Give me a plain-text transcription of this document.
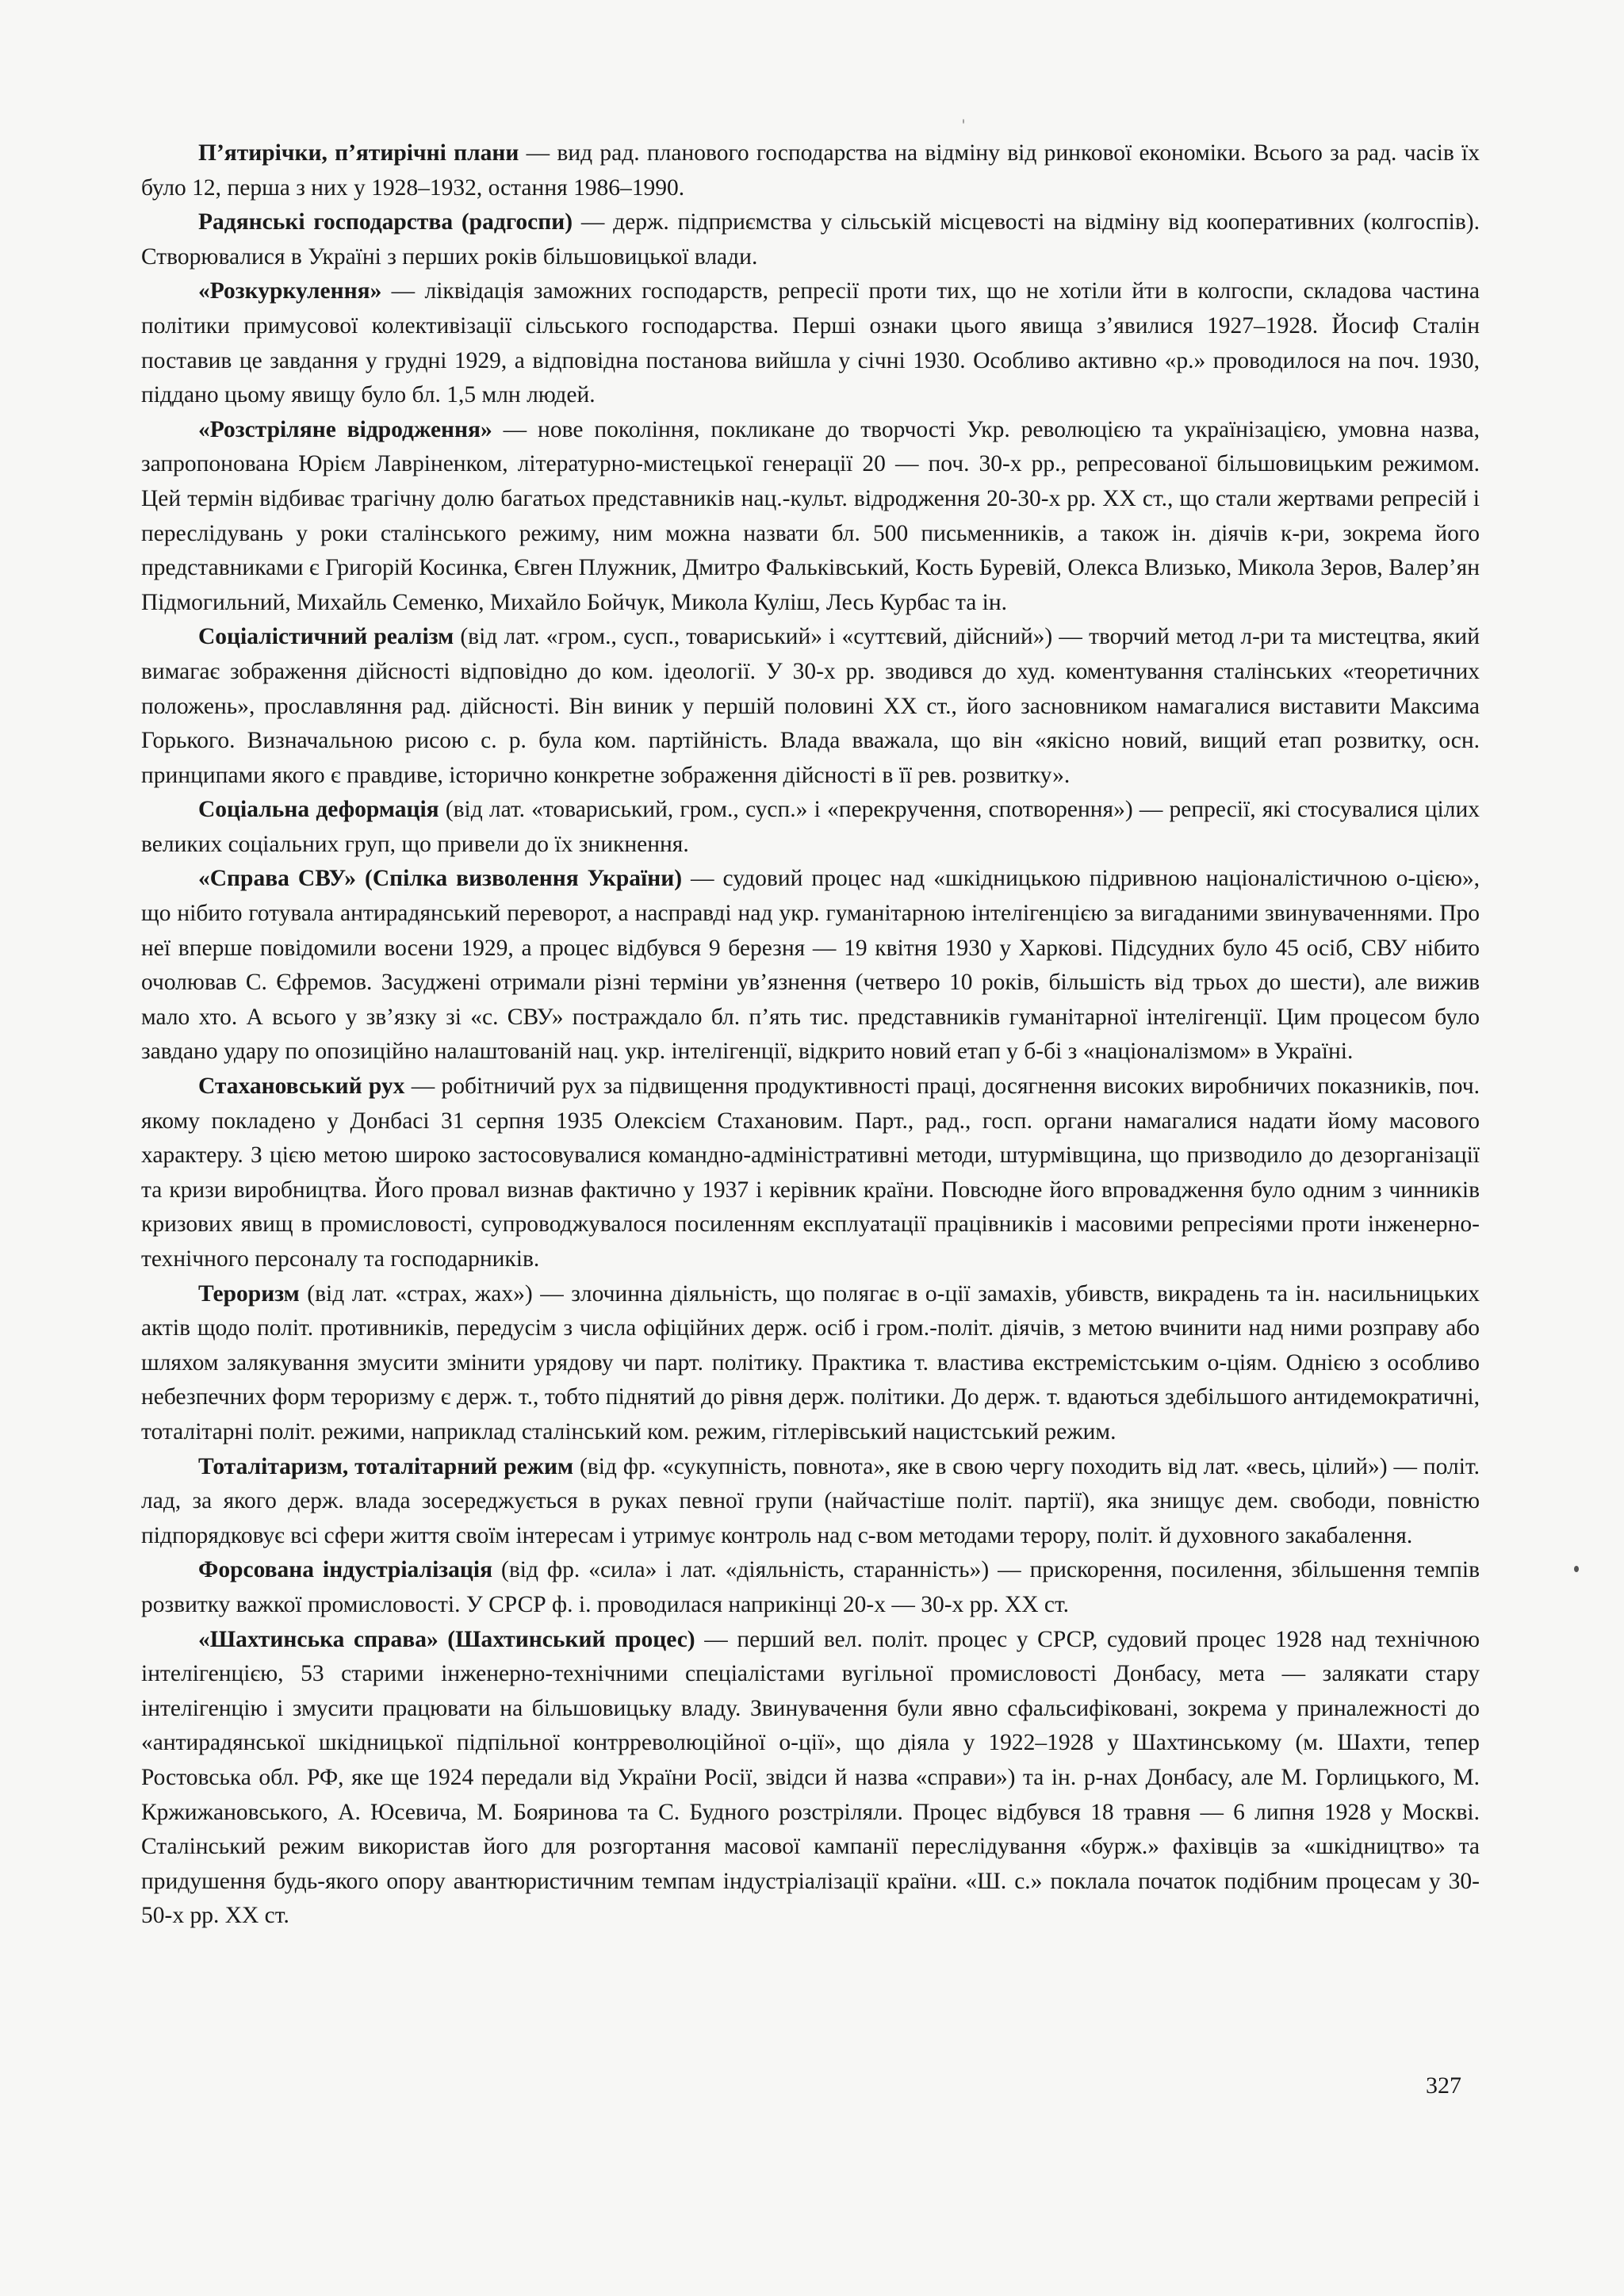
П’ятирічки, п’ятирічні плани — вид рад. планового господарства на відміну від ринкової економіки. Всього за рад. часів їх було 12, перша з них у 1928–1932, остання 1986–1990.

Радянські господарства (радгоспи) — держ. підприємства у сільській місцевості на відміну від кооперативних (колгоспів). Створювалися в Україні з перших років більшовицької влади.

«Розкуркулення» — ліквідація заможних господарств, репресії проти тих, що не хотіли йти в колгоспи, складова частина політики примусової колективізації сільського господарства. Перші ознаки цього явища з’явилися 1927–1928. Йосиф Сталін поставив це завдання у грудні 1929, а відповідна постанова вийшла у січні 1930. Особливо активно «р.» проводилося на поч. 1930, піддано цьому явищу було бл. 1,5 млн людей.

«Розстріляне відродження» — нове покоління, покликане до творчості Укр. революцією та українізацією, умовна назва, запропонована Юрієм Лавріненком, літературно-мистецької генерації 20 — поч. 30-х рр., репресованої більшовицьким режимом. Цей термін відбиває трагічну долю багатьох представників нац.-культ. відродження 20-30-х рр. XX ст., що стали жертвами репресій і переслідувань у роки сталінського режиму, ним можна назвати бл. 500 письменників, а також ін. діячів к-ри, зокрема його представниками є Григорій Косинка, Євген Плужник, Дмитро Фальківський, Кость Буревій, Олекса Влизько, Микола Зеров, Валер’ян Підмогильний, Михайль Семенко, Михайло Бойчук, Микола Куліш, Лесь Курбас та ін.

Соціалістичний реалізм (від лат. «гром., сусп., товариський» і «суттєвий, дійсний») — творчий метод л-ри та мистецтва, який вимагає зображення дійсності відповідно до ком. ідеології. У 30-х рр. зводився до худ. коментування сталінських «теоретичних положень», прославляння рад. дійсності. Він виник у першій половині XX ст., його засновником намагалися виставити Максима Горького. Визначальною рисою с. р. була ком. партійність. Влада вважала, що він «якісно новий, вищий етап розвитку, осн. принципами якого є правдиве, історично конкретне зображення дійсності в її рев. розвитку».

Соціальна деформація (від лат. «товариський, гром., сусп.» і «перекручення, спотворення») — репресії, які стосувалися цілих великих соціальних груп, що привели до їх зникнення.

«Справа СВУ» (Спілка визволення України) — судовий процес над «шкідницькою підривною націоналістичною о-цією», що нібито готувала антирадянський переворот, а насправді над укр. гуманітарною інтелігенцією за вигаданими звинуваченнями. Про неї вперше повідомили восени 1929, а процес відбувся 9 березня — 19 квітня 1930 у Харкові. Підсудних було 45 осіб, СВУ нібито очолював С. Єфремов. Засуджені отримали різні терміни ув’язнення (четверо 10 років, більшість від трьох до шести), але вижив мало хто. А всього у зв’язку зі «с. СВУ» постраждало бл. п’ять тис. представників гуманітарної інтелігенції. Цим процесом було завдано удару по опозиційно налаштованій нац. укр. інтелігенції, відкрито новий етап у б-бі з «націоналізмом» в Україні.

Стахановський рух — робітничий рух за підвищення продуктивності праці, досягнення високих виробничих показників, поч. якому покладено у Донбасі 31 серпня 1935 Олексієм Стахановим. Парт., рад., госп. органи намагалися надати йому масового характеру. З цією метою широко застосовувалися командно-адміністративні методи, штурмівщина, що призводило до дезорганізації та кризи виробництва. Його провал визнав фактично у 1937 і керівник країни. Повсюдне його впровадження було одним з чинників кризових явищ в промисловості, супроводжувалося посиленням експлуатації працівників і масовими репресіями проти інженерно-технічного персоналу та господарників.

Тероризм (від лат. «страх, жах») — злочинна діяльність, що полягає в о-ції замахів, убивств, викрадень та ін. насильницьких актів щодо політ. противників, передусім з числа офіційних держ. осіб і гром.-політ. діячів, з метою вчинити над ними розправу або шляхом залякування змусити змінити урядову чи парт. політику. Практика т. властива екстремістським о-ціям. Однією з особливо небезпечних форм тероризму є держ. т., тобто піднятий до рівня держ. політики. До держ. т. вдаються здебільшого антидемократичні, тоталітарні політ. режими, наприклад сталінський ком. режим, гітлерівський нацистський режим.

Тоталітаризм, тоталітарний режим (від фр. «сукупність, повнота», яке в свою чергу походить від лат. «весь, цілий») — політ. лад, за якого держ. влада зосереджується в руках певної групи (найчастіше політ. партії), яка знищує дем. свободи, повністю підпорядковує всі сфери життя своїм інтересам і утримує контроль над с-вом методами терору, політ. й духовного закабалення.

Форсована індустріалізація (від фр. «сила» і лат. «діяльність, старанність») — прискорення, посилення, збільшення темпів розвитку важкої промисловості. У СРСР ф. і. проводилася наприкінці 20-х — 30-х рр. XX ст.

«Шахтинська справа» (Шахтинський процес) — перший вел. політ. процес у СРСР, судовий процес 1928 над технічною інтелігенцією, 53 старими інженерно-технічними спеціалістами вугільної промисловості Донбасу, мета — залякати стару інтелігенцію і змусити працювати на більшовицьку владу. Звинувачення були явно сфальсифіковані, зокрема у приналежності до «антирадянської шкідницької підпільної контрреволюційної о-ції», що діяла у 1922–1928 у Шахтинському (м. Шахти, тепер Ростовська обл. РФ, яке ще 1924 передали від України Росії, звідси й назва «справи») та ін. р-нах Донбасу, але М. Горлицького, М. Кржижановського, А. Юсевича, М. Бояринова та С. Будного розстріляли. Процес відбувся 18 травня — 6 липня 1928 у Москві. Сталінський режим використав його для розгортання масової кампанії переслідування «бурж.» фахівців за «шкідництво» та придушення будь-якого опору авантюристичним темпам індустріалізації країни. «Ш. с.» поклала початок подібним процесам у 30-50-х рр. XX ст.

327
